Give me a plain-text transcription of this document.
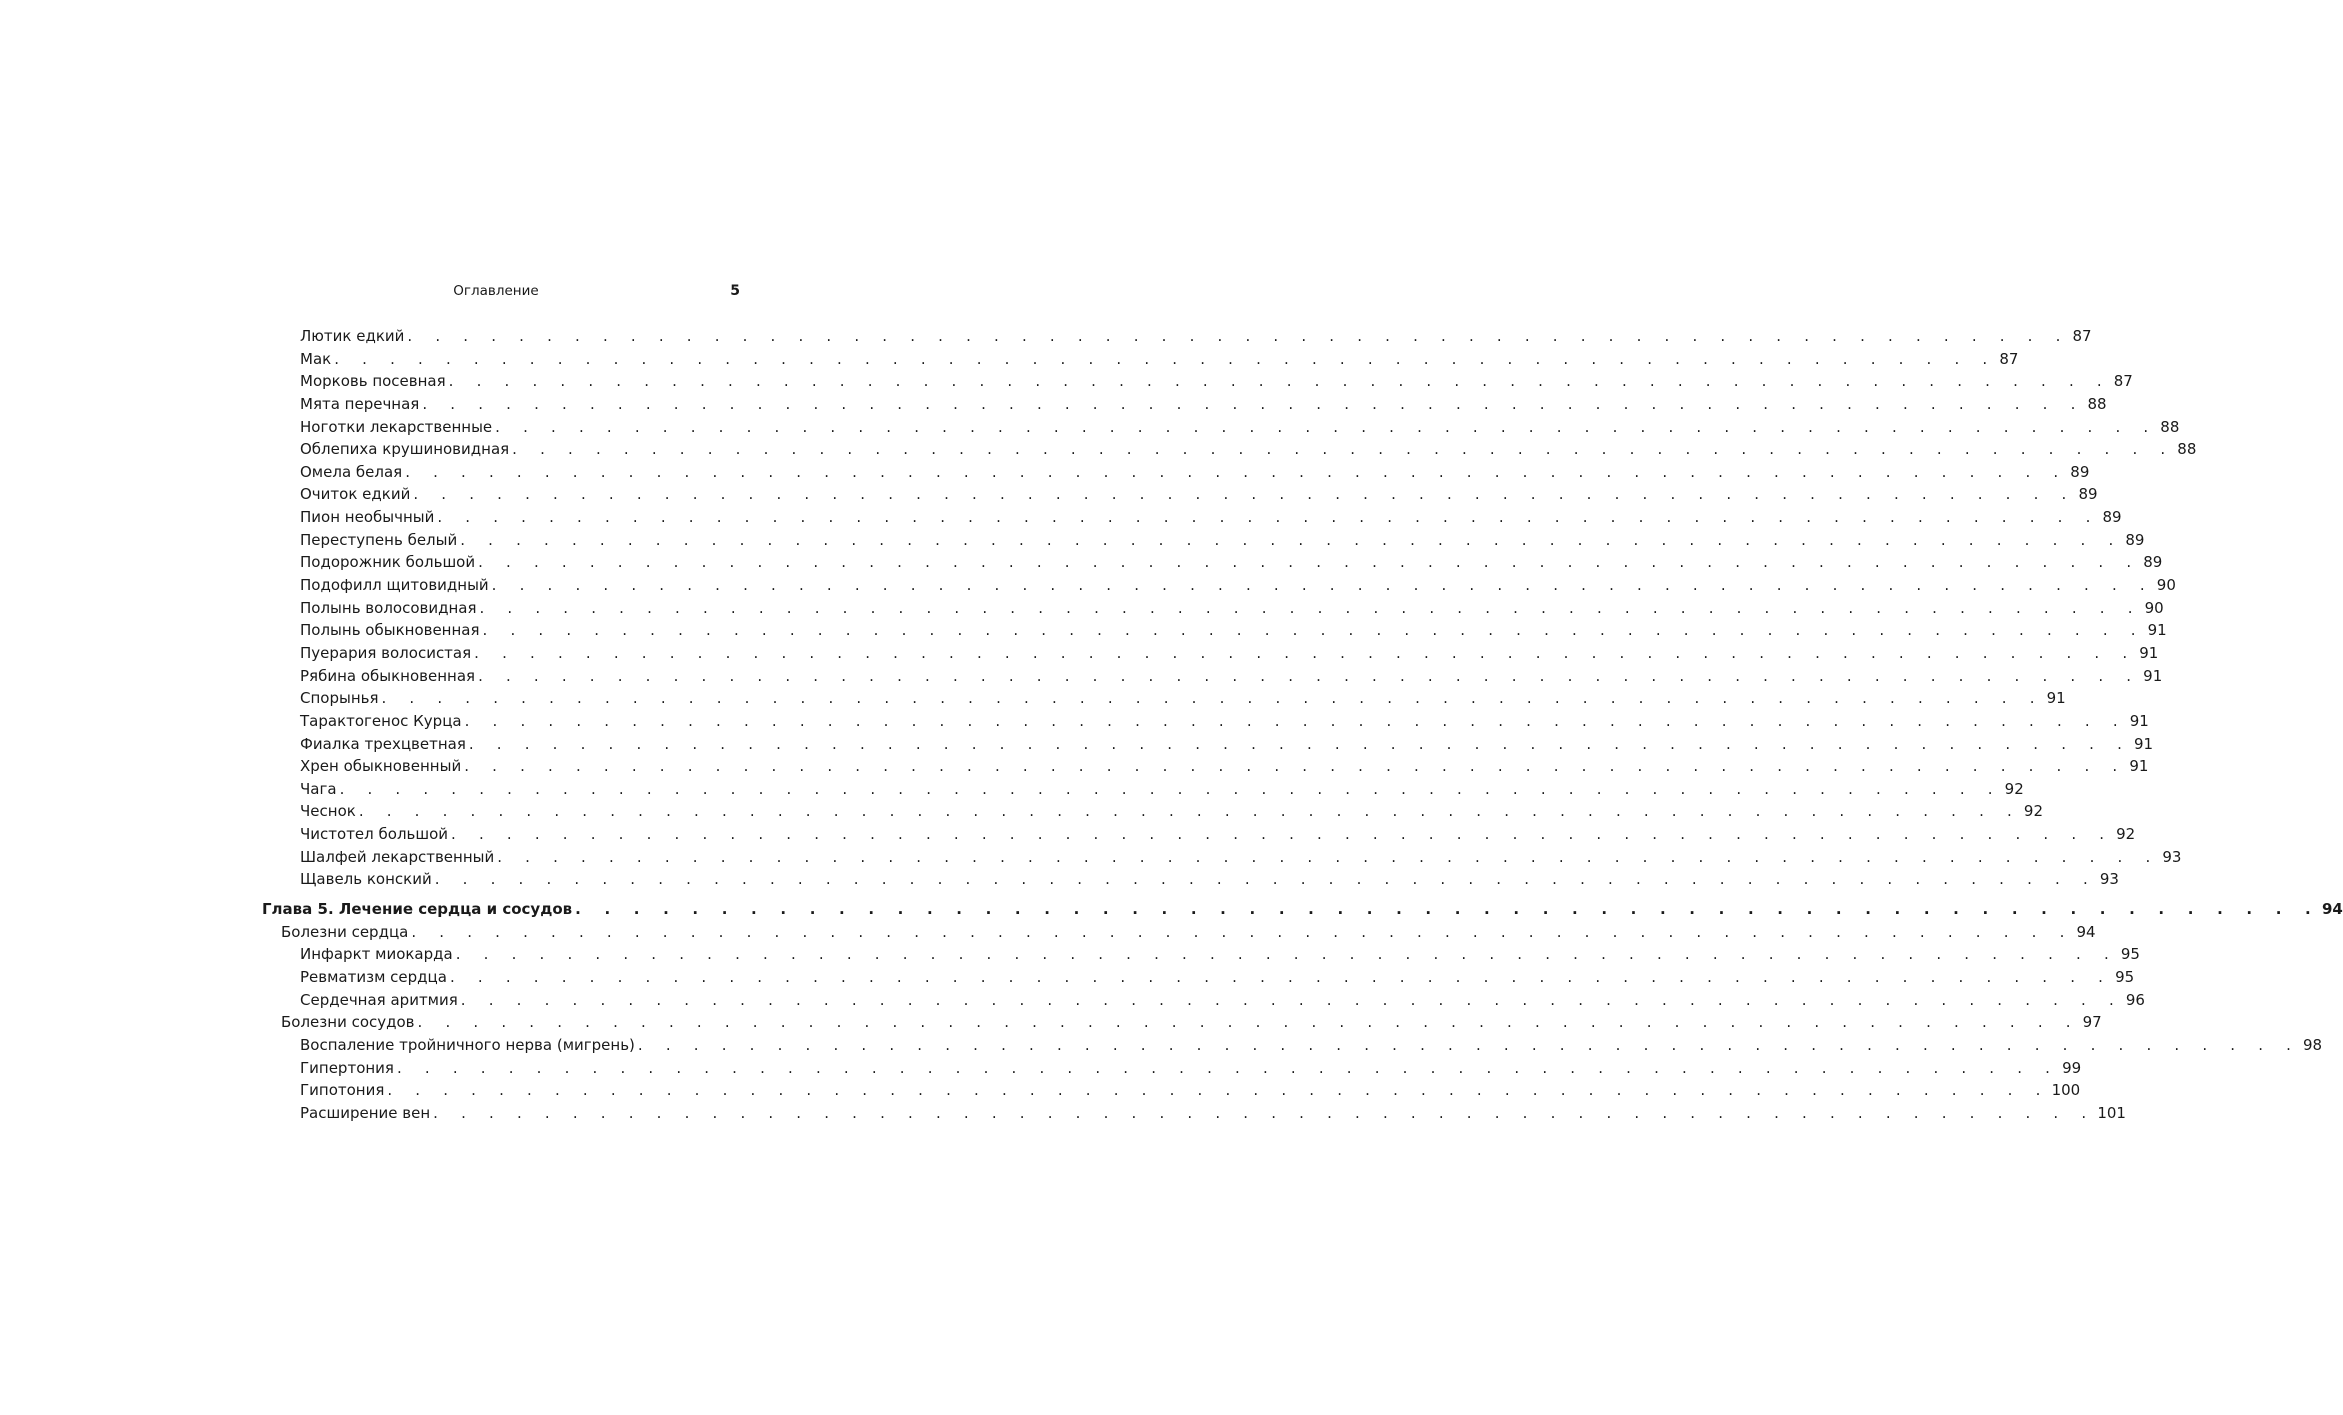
Оглавление	5
Лютик едкий . . . . . . . . . . . . . . . . . . . . . . . . . . . . . . . . . . . . . . . . . . . . . . . . . . . . . . . . . . . . 87
Мак . . . . . . . . . . . . . . . . . . . . . . . . . . . . . . . . . . . . . . . . . . . . . . . . . . . . . . . . . . . . 87
Морковь посевная . . . . . . . . . . . . . . . . . . . . . . . . . . . . . . . . . . . . . . . . . . . . . . . . . . . . . . . . . . . . 87
Мята перечная . . . . . . . . . . . . . . . . . . . . . . . . . . . . . . . . . . . . . . . . . . . . . . . . . . . . . . . . . . . . 88
Ноготки лекарственные . . . . . . . . . . . . . . . . . . . . . . . . . . . . . . . . . . . . . . . . . . . . . . . . . . . . . . . . . . . . 88
Облепиха крушиновидная . . . . . . . . . . . . . . . . . . . . . . . . . . . . . . . . . . . . . . . . . . . . . . . . . . . . . . . . . . . . 88
Омела белая . . . . . . . . . . . . . . . . . . . . . . . . . . . . . . . . . . . . . . . . . . . . . . . . . . . . . . . . . . . . 89
Очиток едкий . . . . . . . . . . . . . . . . . . . . . . . . . . . . . . . . . . . . . . . . . . . . . . . . . . . . . . . . . . . . 89
Пион необычный . . . . . . . . . . . . . . . . . . . . . . . . . . . . . . . . . . . . . . . . . . . . . . . . . . . . . . . . . . . . 89
Переступень белый . . . . . . . . . . . . . . . . . . . . . . . . . . . . . . . . . . . . . . . . . . . . . . . . . . . . . . . . . . . . 89
Подорожник большой . . . . . . . . . . . . . . . . . . . . . . . . . . . . . . . . . . . . . . . . . . . . . . . . . . . . . . . . . . . . 89
Подофилл щитовидный . . . . . . . . . . . . . . . . . . . . . . . . . . . . . . . . . . . . . . . . . . . . . . . . . . . . . . . . . . . . 90
Полынь волосовидная . . . . . . . . . . . . . . . . . . . . . . . . . . . . . . . . . . . . . . . . . . . . . . . . . . . . . . . . . . . . 90
Полынь обыкновенная . . . . . . . . . . . . . . . . . . . . . . . . . . . . . . . . . . . . . . . . . . . . . . . . . . . . . . . . . . . . 91
Пуерария волосистая . . . . . . . . . . . . . . . . . . . . . . . . . . . . . . . . . . . . . . . . . . . . . . . . . . . . . . . . . . . . 91
Рябина обыкновенная . . . . . . . . . . . . . . . . . . . . . . . . . . . . . . . . . . . . . . . . . . . . . . . . . . . . . . . . . . . . 91
Спорынья . . . . . . . . . . . . . . . . . . . . . . . . . . . . . . . . . . . . . . . . . . . . . . . . . . . . . . . . . . . . 91
Тарактогенос Курца . . . . . . . . . . . . . . . . . . . . . . . . . . . . . . . . . . . . . . . . . . . . . . . . . . . . . . . . . . . . 91
Фиалка трехцветная . . . . . . . . . . . . . . . . . . . . . . . . . . . . . . . . . . . . . . . . . . . . . . . . . . . . . . . . . . . . 91
Хрен обыкновенный . . . . . . . . . . . . . . . . . . . . . . . . . . . . . . . . . . . . . . . . . . . . . . . . . . . . . . . . . . . . 91
Чага . . . . . . . . . . . . . . . . . . . . . . . . . . . . . . . . . . . . . . . . . . . . . . . . . . . . . . . . . . . . 92
Чеснок . . . . . . . . . . . . . . . . . . . . . . . . . . . . . . . . . . . . . . . . . . . . . . . . . . . . . . . . . . . . 92
Чистотел большой . . . . . . . . . . . . . . . . . . . . . . . . . . . . . . . . . . . . . . . . . . . . . . . . . . . . . . . . . . . . 92
Шалфей лекарственный . . . . . . . . . . . . . . . . . . . . . . . . . . . . . . . . . . . . . . . . . . . . . . . . . . . . . . . . . . . . 93
Щавель конский . . . . . . . . . . . . . . . . . . . . . . . . . . . . . . . . . . . . . . . . . . . . . . . . . . . . . . . . . . . . 93
Глава 5. Лечение сердца и сосудов . . . . . . . . . . . . . . . . . . . . . . . . . . . . . . . . . . . . . . . . . . . . . . . . . . . . . . . . . . . . 94
Болезни сердца . . . . . . . . . . . . . . . . . . . . . . . . . . . . . . . . . . . . . . . . . . . . . . . . . . . . . . . . . . . . 94
Инфаркт миокарда . . . . . . . . . . . . . . . . . . . . . . . . . . . . . . . . . . . . . . . . . . . . . . . . . . . . . . . . . . . . 95
Ревматизм сердца . . . . . . . . . . . . . . . . . . . . . . . . . . . . . . . . . . . . . . . . . . . . . . . . . . . . . . . . . . . . 95
Сердечная аритмия . . . . . . . . . . . . . . . . . . . . . . . . . . . . . . . . . . . . . . . . . . . . . . . . . . . . . . . . . . . . 96
Болезни сосудов . . . . . . . . . . . . . . . . . . . . . . . . . . . . . . . . . . . . . . . . . . . . . . . . . . . . . . . . . . . . 97
Воспаление тройничного нерва (мигрень) . . . . . . . . . . . . . . . . . . . . . . . . . . . . . . . . . . . . . . . . . . . . . . . . . . . . . . . . . . . . 98
Гипертония . . . . . . . . . . . . . . . . . . . . . . . . . . . . . . . . . . . . . . . . . . . . . . . . . . . . . . . . . . . . 99
Гипотония . . . . . . . . . . . . . . . . . . . . . . . . . . . . . . . . . . . . . . . . . . . . . . . . . . . . . . . . . . . . 100
Расширение вен . . . . . . . . . . . . . . . . . . . . . . . . . . . . . . . . . . . . . . . . . . . . . . . . . . . . . . . . . . . . 101
